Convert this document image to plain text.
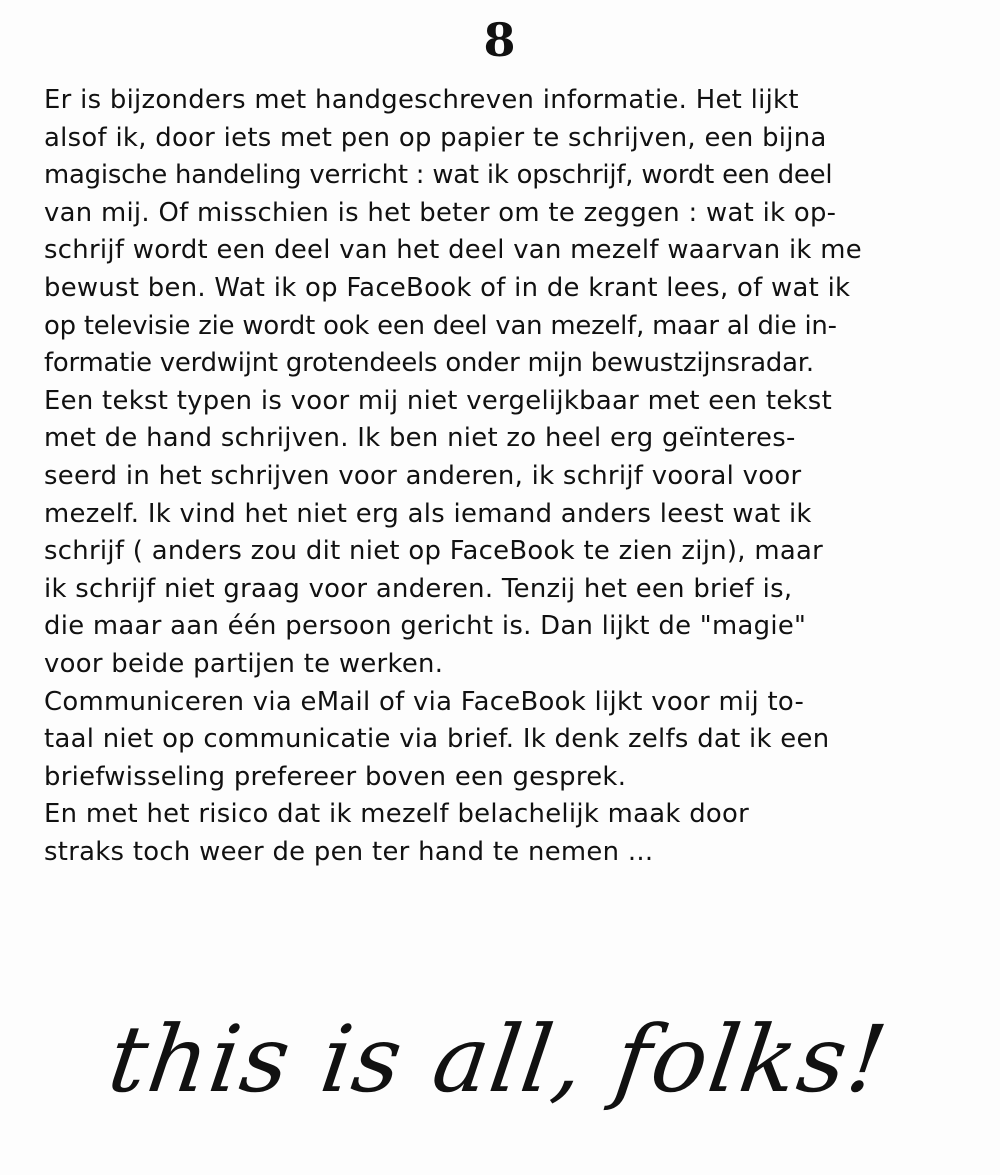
8
Er is bijzonders met handgeschreven informatie. Het lijkt
alsof ik, door iets met pen op papier te schrijven, een bijna
magische handeling verricht : wat ik opschrijf, wordt een deel
van mij. Of misschien is het beter om te zeggen : wat ik op-
schrijf wordt een deel van het deel van mezelf waarvan ik me
bewust ben. Wat ik op FaceBook of in de krant lees, of wat ik
op televisie zie wordt ook een deel van mezelf, maar al die in-
formatie verdwijnt grotendeels onder mijn bewustzijnsradar.
Een tekst typen is voor mij niet vergelijkbaar met een tekst
met de hand schrijven. Ik ben niet zo heel erg geïnteres-
seerd in het schrijven voor anderen, ik schrijf vooral voor
mezelf. Ik vind het niet erg als iemand anders leest wat ik
schrijf ( anders zou dit niet op FaceBook te zien zijn), maar
ik schrijf niet graag voor anderen. Tenzij het een brief is,
die maar aan één persoon gericht is. Dan lijkt de "magie"
voor beide partijen te werken.
Communiceren via eMail of via FaceBook lijkt voor mij to-
taal niet op communicatie via brief. Ik denk zelfs dat ik een
briefwisseling prefereer boven een gesprek.
En met het risico dat ik mezelf belachelijk maak door
straks toch weer de pen ter hand te nemen ...
this is all, folks!
